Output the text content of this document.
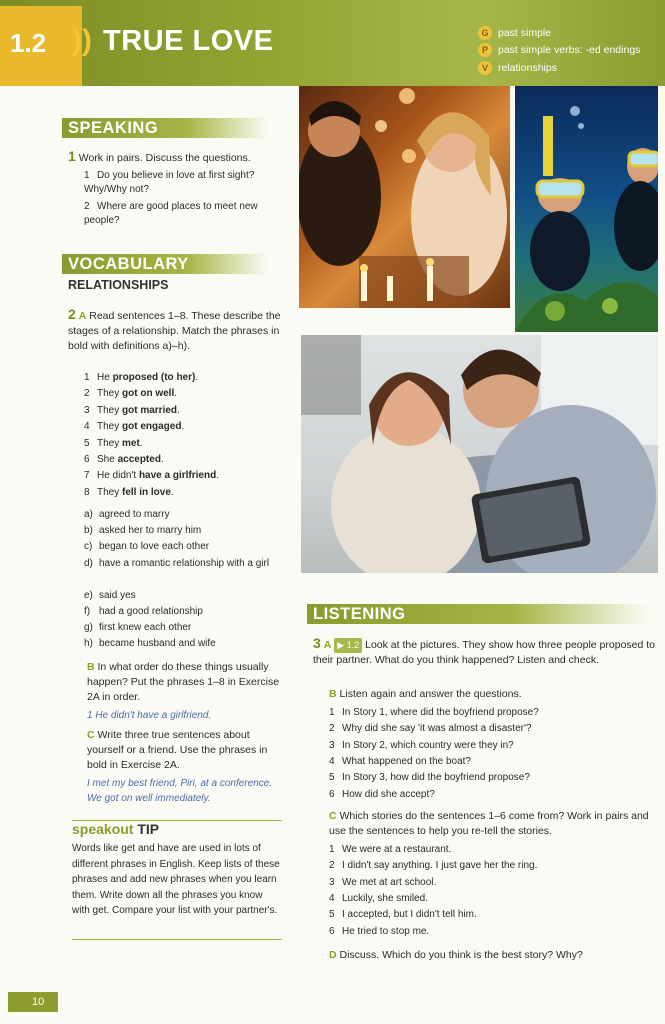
1.2 )) TRUE LOVE	G past simple
P past simple verbs: -ed endings
V relationships
SPEAKING
1 Work in pairs. Discuss the questions.
1 Do you believe in love at first sight? Why/Why not?
2 Where are good places to meet new people?
VOCABULARY
RELATIONSHIPS
2 A Read sentences 1–8. These describe the stages of a relationship. Match the phrases in bold with definitions a)–h).
1 He proposed (to her).
2 They got on well.
3 They got married.
4 They got engaged.
5 They met.
6 She accepted.
7 He didn't have a girlfriend.
8 They fell in love.
a) agreed to marry
b) asked her to marry him
c) began to love each other
d) have a romantic relationship with a girl
e) said yes
f) had a good relationship
g) first knew each other
h) became husband and wife
B In what order do these things usually happen? Put the phrases 1–8 in Exercise 2A in order.
1 He didn't have a girlfriend.
C Write three true sentences about yourself or a friend. Use the phrases in bold in Exercise 2A.
I met my best friend, Piri, at a conference. We got on well immediately.
speakout TIP
Words like get and have are used in lots of different phrases in English. Keep lists of these phrases and add new phrases when you learn them. Write down all the phrases you know with get. Compare your list with your partner's.
LISTENING
3 A ▶ 1.2 Look at the pictures. They show how three people proposed to their partner. What do you think happened? Listen and check.
B Listen again and answer the questions.
1 In Story 1, where did the boyfriend propose?
2 Why did she say 'it was almost a disaster'?
3 In Story 2, which country were they in?
4 What happened on the boat?
5 In Story 3, how did the boyfriend propose?
6 How did she accept?
C Which stories do the sentences 1–6 come from? Work in pairs and use the sentences to help you re-tell the stories.
1 We were at a restaurant.
2 I didn't say anything. I just gave her the ring.
3 We met at art school.
4 Luckily, she smiled.
5 I accepted, but I didn't tell him.
6 He tried to stop me.
D Discuss. Which do you think is the best story? Why?
10
